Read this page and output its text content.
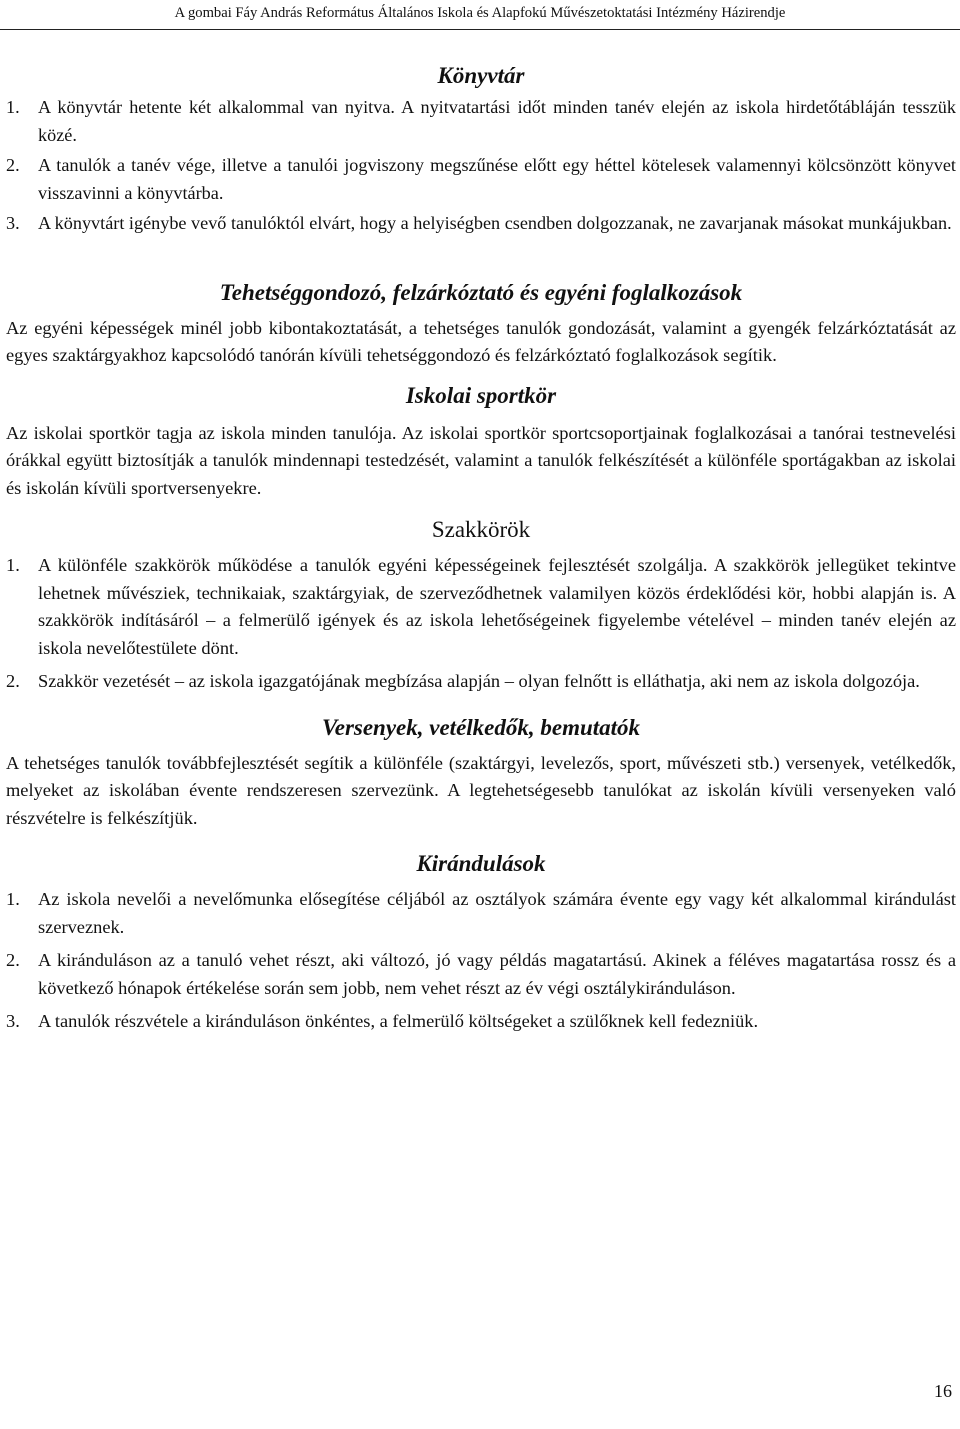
A gombai Fáy András Református Általános Iskola és Alapfokú Művészetoktatási Intézmény Házirendje
Könyvtár
1.	A könyvtár hetente két alkalommal van nyitva. A nyitvatartási időt minden tanév elején az iskola hirdetőtábláján tesszük közé.
2.	A tanulók a tanév vége, illetve a tanulói jogviszony megszűnése előtt egy héttel kötelesek valamennyi kölcsönzött könyvet visszavinni a könyvtárba.
3.	A könyvtárt igénybe vevő tanulóktól elvárt, hogy a helyiségben csendben dolgozzanak, ne zavarjanak másokat munkájukban.
Tehetséggondozó, felzárkóztató és egyéni foglalkozások

Az egyéni képességek minél jobb kibontakoztatását, a tehetséges tanulók gondozását, valamint a gyengék felzárkóztatását az egyes szaktárgyakhoz kapcsolódó tanórán kívüli tehetséggondozó és felzárkóztató foglalkozások segítik.

Iskolai sportkör

Az iskolai sportkör tagja az iskola minden tanulója. Az iskolai sportkör sportcsoportjainak foglalkozásai a tanórai testnevelési órákkal együtt biztosítják a tanulók mindennapi testedzését, valamint a tanulók felkészítését a különféle sportágakban az iskolai és iskolán kívüli sportversenyekre.

Szakkörök
1. A különféle szakkörök működése a tanulók egyéni képességeinek fejlesztését szolgálja. A szakkörök jellegüket tekintve lehetnek művésziek, technikaiak, szaktárgyiak, de szerveződhetnek valamilyen közös érdeklődési kör, hobbi alapján is. A szakkörök indításáról – a felmerülő igények és az iskola lehetőségeinek figyelembe vételével – minden tanév elején az iskola nevelőtestülete dönt.
2. Szakkör vezetését – az iskola igazgatójának megbízása alapján – olyan felnőtt is elláthatja, aki nem az iskola dolgozója.
Versenyek, vetélkedők, bemutatók

A tehetséges tanulók továbbfejlesztését segítik a különféle (szaktárgyi, levelezős, sport, művészeti stb.) versenyek, vetélkedők, melyeket az iskolában évente rendszeresen szervezünk. A legtehetségesebb tanulókat az iskolán kívüli versenyeken való részvételre is felkészítjük.

Kirándulások
1. Az iskola nevelői a nevelőmunka elősegítése céljából az osztályok számára évente egy vagy két alkalommal kirándulást szerveznek.
2. A kiránduláson az a tanuló vehet részt, aki változó, jó vagy példás magatartású. Akinek a féléves magatartása rossz és a következő hónapok értékelése során sem jobb, nem vehet részt az év végi osztálykiránduláson.
3. A tanulók részvétele a kiránduláson önkéntes, a felmerülő költségeket a szülőknek kell fedezniük.
16
